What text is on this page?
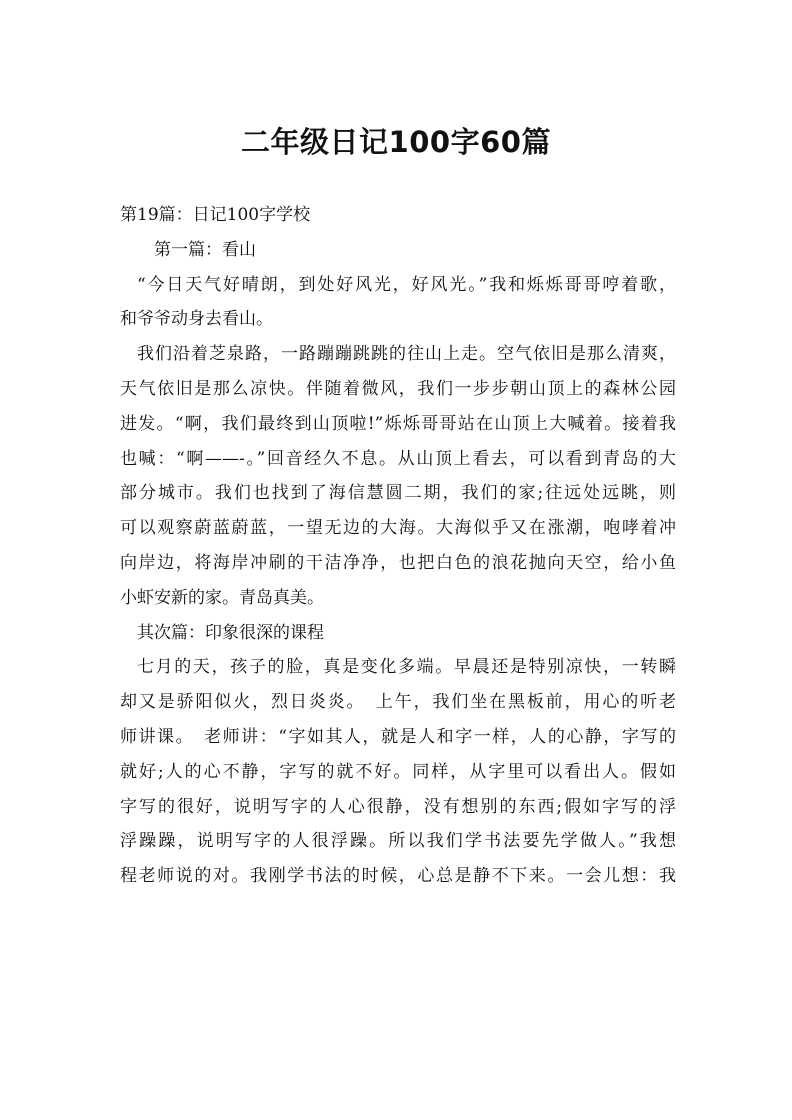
二年级日记100字60篇
第19篇：日记100字学校
第一篇：看山
“今日天气好晴朗，到处好风光，好风光。”我和烁烁哥哥哼着歌，
和爷爷动身去看山。
我们沿着芝泉路，一路蹦蹦跳跳的往山上走。空气依旧是那么清爽，
天气依旧是那么凉快。伴随着微风，我们一步步朝山顶上的森林公园
进发。“啊，我们最终到山顶啦!”烁烁哥哥站在山顶上大喊着。接着我
也喊：“啊——-。”回音经久不息。从山顶上看去，可以看到青岛的大
部分城市。我们也找到了海信慧圆二期，我们的家;往远处远眺，则
可以观察蔚蓝蔚蓝，一望无边的大海。大海似乎又在涨潮，咆哮着冲
向岸边，将海岸冲刷的干洁净净，也把白色的浪花抛向天空，给小鱼
小虾安新的家。青岛真美。
其次篇：印象很深的课程
七月的天，孩子的脸，真是变化多端。早晨还是特别凉快，一转瞬
却又是骄阳似火，烈日炎炎。　上午，我们坐在黑板前，用心的听老
师讲课。　老师讲：“字如其人，就是人和字一样，人的心静，字写的
就好;人的心不静，字写的就不好。同样，从字里可以看出人。假如
字写的很好，说明写字的人心很静，没有想别的东西;假如字写的浮
浮躁躁，说明写字的人很浮躁。所以我们学书法要先学做人。”我想
程老师说的对。我刚学书法的时候，心总是静不下来。一会儿想：我
